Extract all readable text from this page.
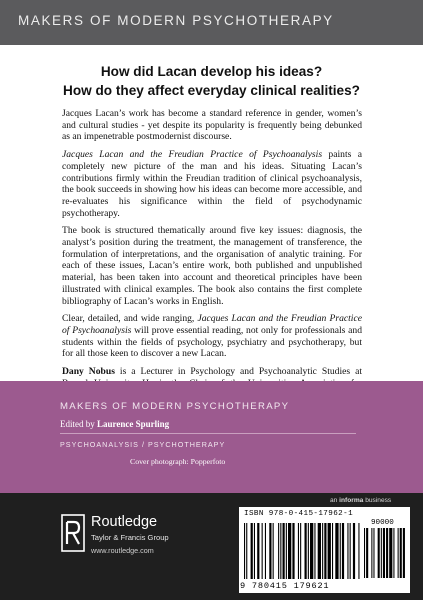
MAKERS OF MODERN PSYCHOTHERAPY
How did Lacan develop his ideas?
How do they affect everyday clinical realities?

Jacques Lacan’s work has become a standard reference in gender, women’s and cultural studies - yet despite its popularity is frequently being debunked as an impenetrable postmodernist discourse.

Jacques Lacan and the Freudian Practice of Psychoanalysis paints a completely new picture of the man and his ideas. Situating Lacan’s contributions firmly within the Freudian tradition of clinical psychoanalysis, the book succeeds in showing how his ideas can become more accessible, and re-evaluates his significance within the field of psychodynamic psychotherapy.

The book is structured thematically around five key issues: diagnosis, the analyst’s position during the treatment, the management of transference, the formulation of interpretations, and the organisation of analytic training. For each of these issues, Lacan’s entire work, both published and unpublished material, has been taken into account and theoretical principles have been illustrated with clinical examples. The book also contains the first complete bibliography of Lacan’s works in English.

Clear, detailed, and wide ranging, Jacques Lacan and the Freudian Practice of Psychoanalysis will prove essential reading, not only for professionals and students within the fields of psychology, psychiatry and psychotherapy, but for all those keen to discover a new Lacan.

Dany Nobus is a Lecturer in Psychology and Psychoanalytic Studies at

MAKERS OF MODERN PSYCHOTHERAPY
Edited by Laurence Spurling
PSYCHOANALYSIS / PSYCHOTHERAPY
Cover photograph: Popperfoto
an informa business
Routledge
Taylor & Francis Group
www.routledge.com
ISBN 978-0-415-17962-1
90000
9 780415 179621
